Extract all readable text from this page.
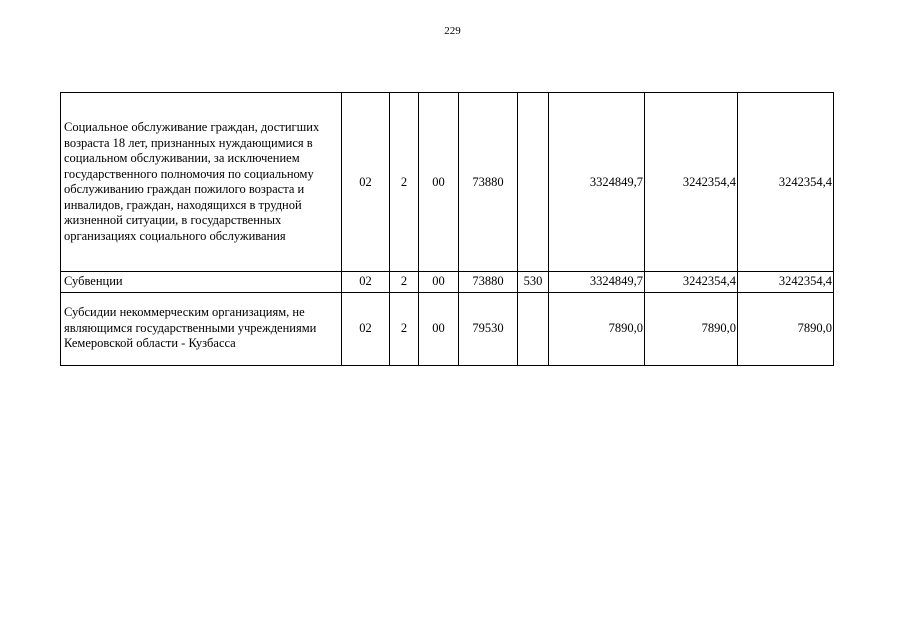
229
Социальное обслуживание граждан, достигших возраста 18 лет, признанных нуждающимися в социальном обслуживании, за исключением государственного полномочия по социальному обслуживанию граждан пожилого возраста и инвалидов, граждан, находящихся в трудной жизненной ситуации, в государственных организациях социального обслуживания	02	2	00	73880		3324849,7	3242354,4	3242354,4
Субвенции	02	2	00	73880	530	3324849,7	3242354,4	3242354,4
Субсидии некоммерческим организациям, не являющимся государственными учреждениями Кемеровской области - Кузбасса	02	2	00	79530		7890,0	7890,0	7890,0
